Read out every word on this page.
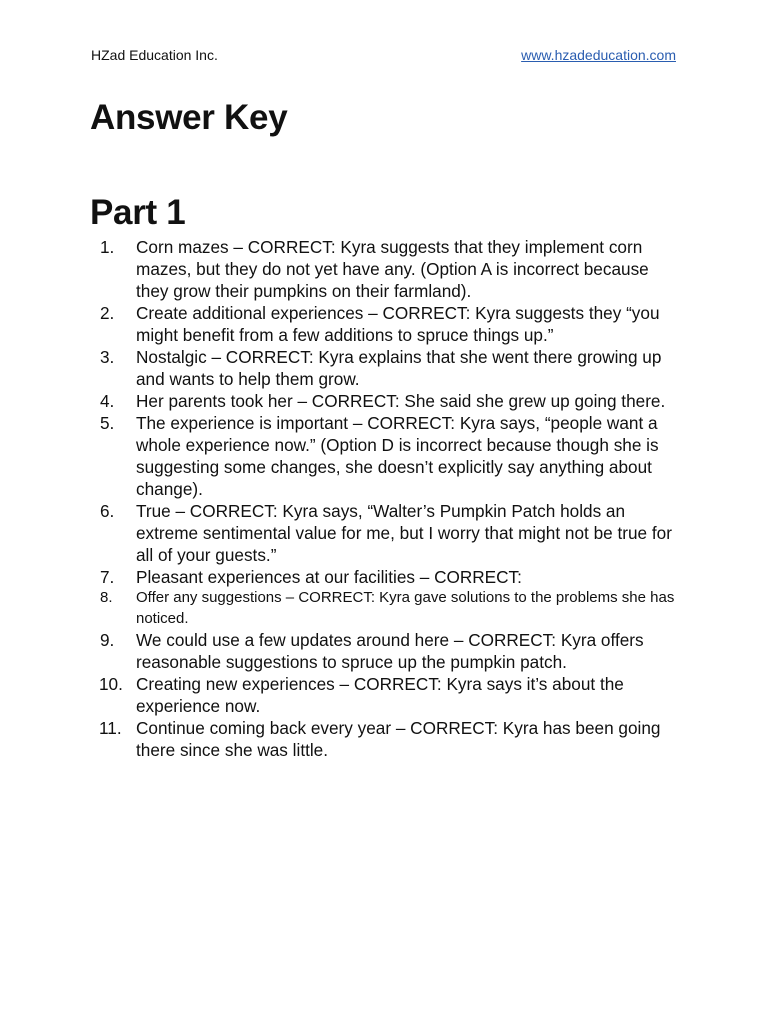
HZad Education Inc.	www.hzadeducation.com
Answer Key
Part 1
1.	Corn mazes – CORRECT: Kyra suggests that they implement corn mazes, but they do not yet have any. (Option A is incorrect because they grow their pumpkins on their farmland).
2.	Create additional experiences – CORRECT: Kyra suggests they “you might benefit from a few additions to spruce things up.”
3.	Nostalgic – CORRECT: Kyra explains that she went there growing up and wants to help them grow.
4.	Her parents took her – CORRECT: She said she grew up going there.
5.	The experience is important – CORRECT: Kyra says, “people want a whole experience now.” (Option D is incorrect because though she is suggesting some changes, she doesn’t explicitly say anything about change).
6.	True – CORRECT: Kyra says, “Walter’s Pumpkin Patch holds an extreme sentimental value for me, but I worry that might not be true for all of your guests.”
7.	Pleasant experiences at our facilities – CORRECT:
8.	Offer any suggestions – CORRECT: Kyra gave solutions to the problems she has noticed.
9.	We could use a few updates around here – CORRECT: Kyra offers reasonable suggestions to spruce up the pumpkin patch.
10. Creating new experiences – CORRECT: Kyra says it’s about the experience now.
11. Continue coming back every year – CORRECT: Kyra has been going there since she was little.
